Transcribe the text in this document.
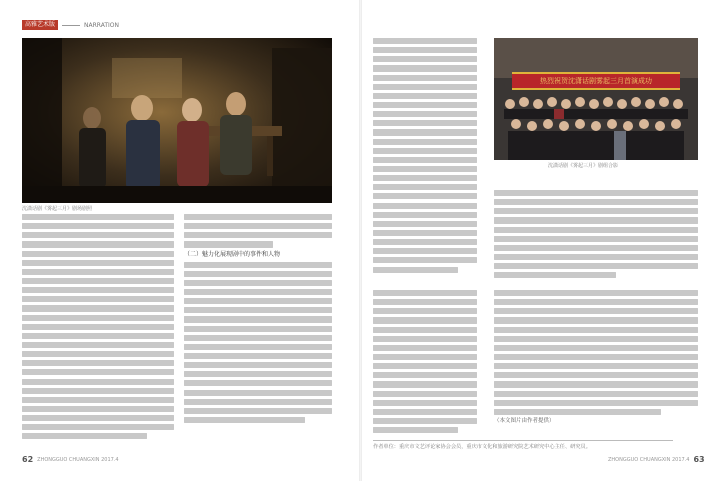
高雅艺术版	NARRATION
沈潇话剧《雾起三月》剧场剧照
（二）魅力化展现剧中的事件和人物
62 ZHONGGUO CHUANGXIN 2017.4
热烈祝贺沈潇话剧雾起三月首演成功
沈潇话剧《雾起三月》剧组合影
（本文图片由作者提供）
作者单位：重庆市文艺评论家协会会员，重庆市文化和旅游研究院艺术研究中心主任、研究员。
ZHONGGUO CHUANGXIN 2017.4 63
